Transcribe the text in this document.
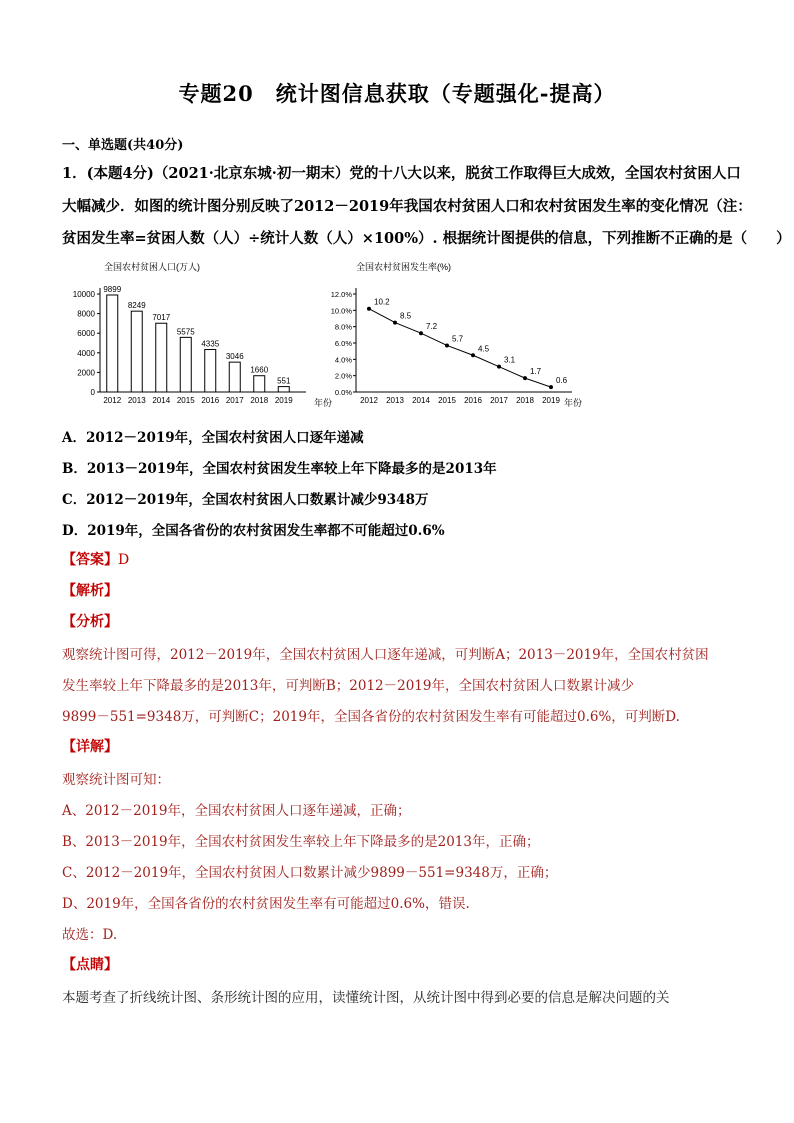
专题20　统计图信息获取（专题强化-提高）
一、单选题(共40分)
1．(本题4分)（2021·北京东城·初一期末）党的十八大以来，脱贫工作取得巨大成效，全国农村贫困人口
大幅减少．如图的统计图分别反映了2012－2019年我国农村贫困人口和农村贫困发生率的变化情况（注：
贫困发生率=贫困人数（人）÷统计人数（人）×100%）. 根据统计图提供的信息，下列推断不正确的是（　　）
全国农村贫困人口(万人)
年份
0
2000
4000
6000
8000
10000
9899
2012
8249
2013
7017
2014
5575
2015
4335
2016
3046
2017
1660
2018
551
2019
全国农村贫困发生率(%)
年份
0.0%
2.0%
4.0%
6.0%
8.0%
10.0%
12.0%
10.2
2012
8.5
2013
7.2
2014
5.7
2015
4.5
2016
3.1
2017
1.7
2018
0.6
2019
A．2012－2019年，全国农村贫困人口逐年递减
B．2013－2019年，全国农村贫困发生率较上年下降最多的是2013年
C．2012－2019年，全国农村贫困人口数累计减少9348万
D．2019年，全国各省份的农村贫困发生率都不可能超过0.6%
【答案】D
【解析】
【分析】
观察统计图可得，2012－2019年，全国农村贫困人口逐年递减，可判断A；2013－2019年，全国农村贫困
发生率较上年下降最多的是2013年，可判断B；2012－2019年，全国农村贫困人口数累计减少
9899－551=9348万，可判断C；2019年，全国各省份的农村贫困发生率有可能超过0.6%，可判断D.
【详解】
观察统计图可知：
A、2012－2019年，全国农村贫困人口逐年递减，正确；
B、2013－2019年，全国农村贫困发生率较上年下降最多的是2013年，正确；
C、2012－2019年，全国农村贫困人口数累计减少9899－551=9348万，正确；
D、2019年，全国各省份的农村贫困发生率有可能超过0.6%，错误.
故选：D.
【点睛】
本题考查了折线统计图、条形统计图的应用，读懂统计图，从统计图中得到必要的信息是解决问题的关
